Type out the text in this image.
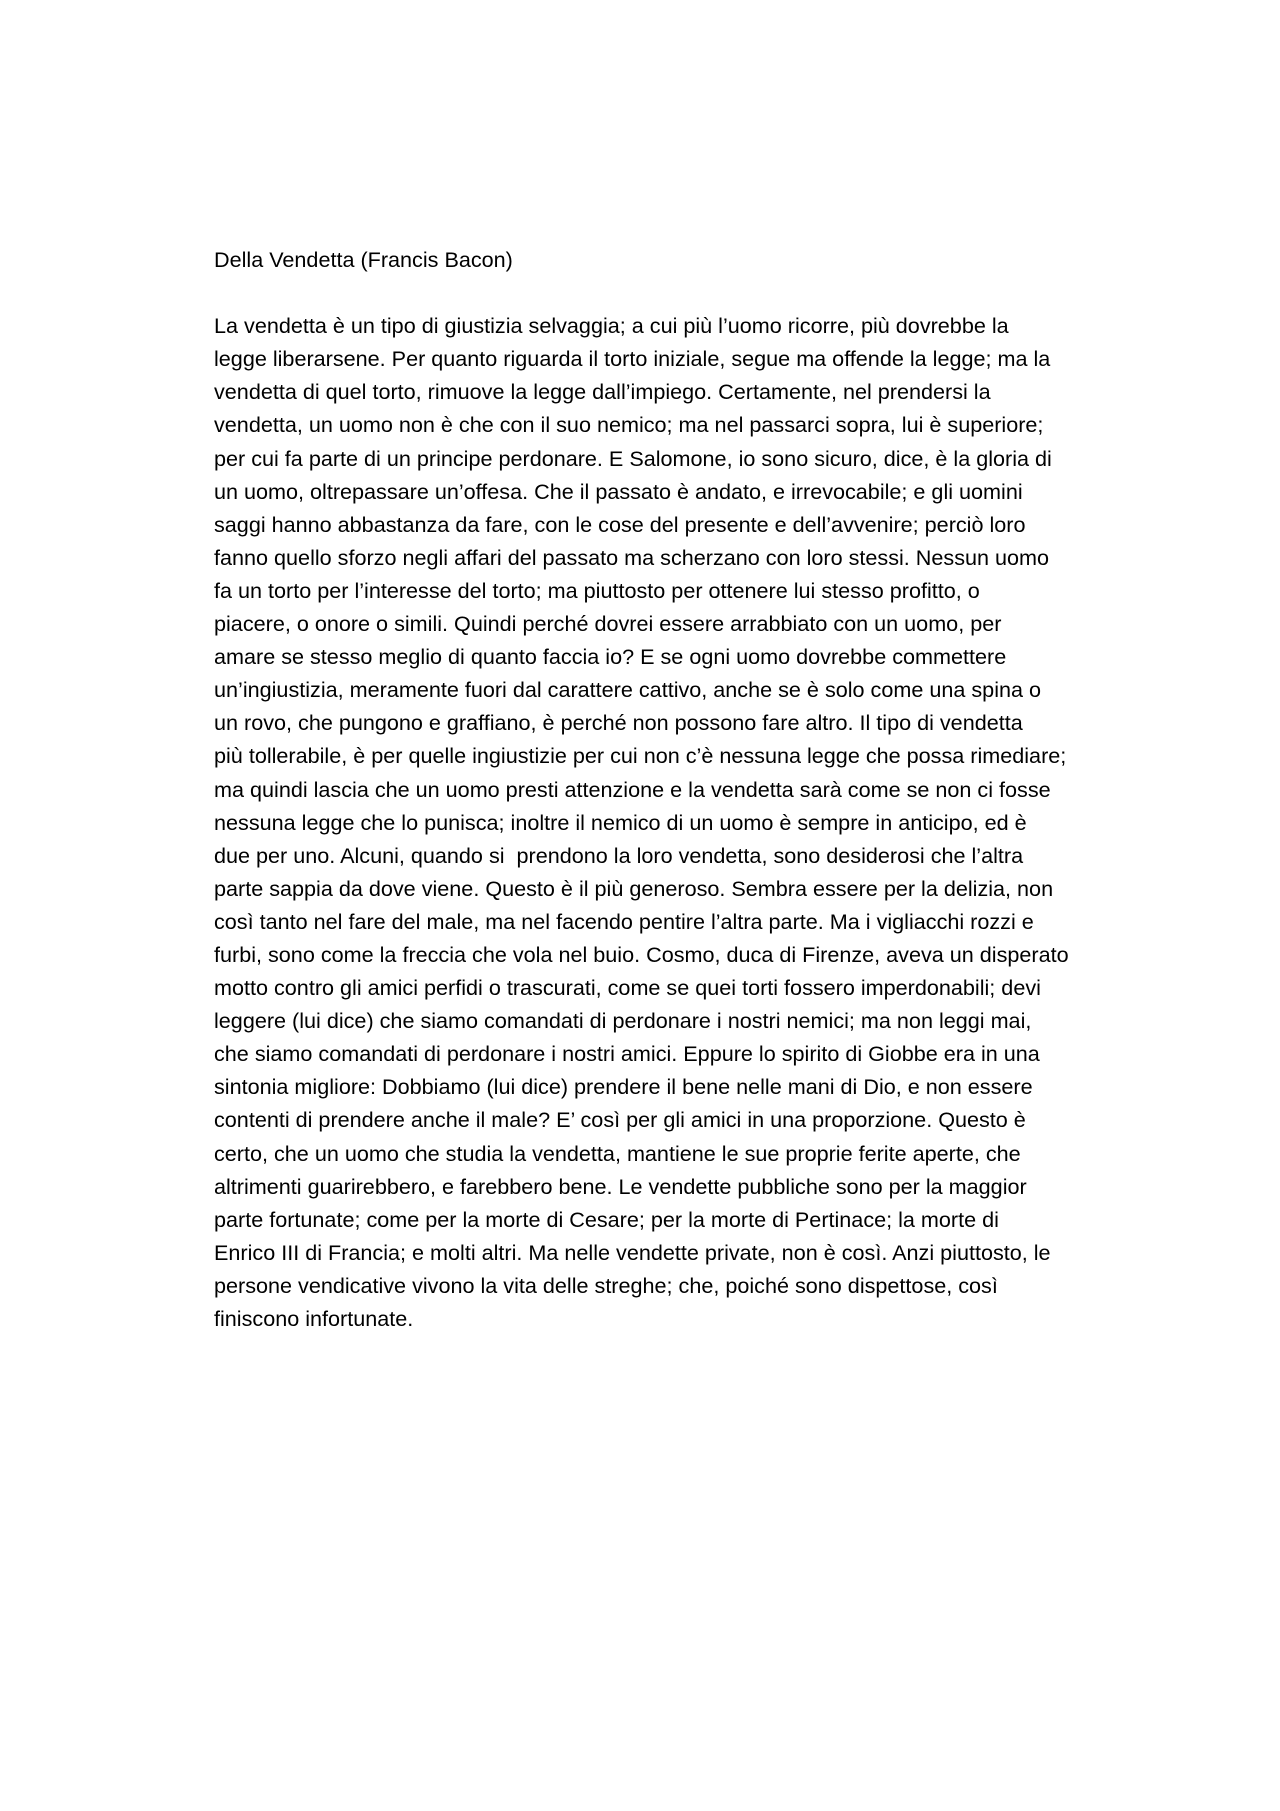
Della Vendetta (Francis Bacon)
La vendetta è un tipo di giustizia selvaggia; a cui più l’uomo ricorre, più dovrebbe la
legge liberarsene. Per quanto riguarda il torto iniziale, segue ma offende la legge; ma la
vendetta di quel torto, rimuove la legge dall’impiego. Certamente, nel prendersi la
vendetta, un uomo non è che con il suo nemico; ma nel passarci sopra, lui è superiore;
per cui fa parte di un principe perdonare. E Salomone, io sono sicuro, dice, è la gloria di
un uomo, oltrepassare un’offesa. Che il passato è andato, e irrevocabile; e gli uomini
saggi hanno abbastanza da fare, con le cose del presente e dell’avvenire; perciò loro
fanno quello sforzo negli affari del passato ma scherzano con loro stessi. Nessun uomo
fa un torto per l’interesse del torto; ma piuttosto per ottenere lui stesso profitto, o
piacere, o onore o simili. Quindi perché dovrei essere arrabbiato con un uomo, per
amare se stesso meglio di quanto faccia io? E se ogni uomo dovrebbe commettere
un’ingiustizia, meramente fuori dal carattere cattivo, anche se è solo come una spina o
un rovo, che pungono e graffiano, è perché non possono fare altro. Il tipo di vendetta
più tollerabile, è per quelle ingiustizie per cui non c’è nessuna legge che possa rimediare;
ma quindi lascia che un uomo presti attenzione e la vendetta sarà come se non ci fosse
nessuna legge che lo punisca; inoltre il nemico di un uomo è sempre in anticipo, ed è
due per uno. Alcuni, quando si  prendono la loro vendetta, sono desiderosi che l’altra
parte sappia da dove viene. Questo è il più generoso. Sembra essere per la delizia, non
così tanto nel fare del male, ma nel facendo pentire l’altra parte. Ma i vigliacchi rozzi e
furbi, sono come la freccia che vola nel buio. Cosmo, duca di Firenze, aveva un disperato
motto contro gli amici perfidi o trascurati, come se quei torti fossero imperdonabili; devi
leggere (lui dice) che siamo comandati di perdonare i nostri nemici; ma non leggi mai,
che siamo comandati di perdonare i nostri amici. Eppure lo spirito di Giobbe era in una
sintonia migliore: Dobbiamo (lui dice) prendere il bene nelle mani di Dio, e non essere
contenti di prendere anche il male? E’ così per gli amici in una proporzione. Questo è
certo, che un uomo che studia la vendetta, mantiene le sue proprie ferite aperte, che
altrimenti guarirebbero, e farebbero bene. Le vendette pubbliche sono per la maggior
parte fortunate; come per la morte di Cesare; per la morte di Pertinace; la morte di
Enrico III di Francia; e molti altri. Ma nelle vendette private, non è così. Anzi piuttosto, le
persone vendicative vivono la vita delle streghe; che, poiché sono dispettose, così
finiscono infortunate.
